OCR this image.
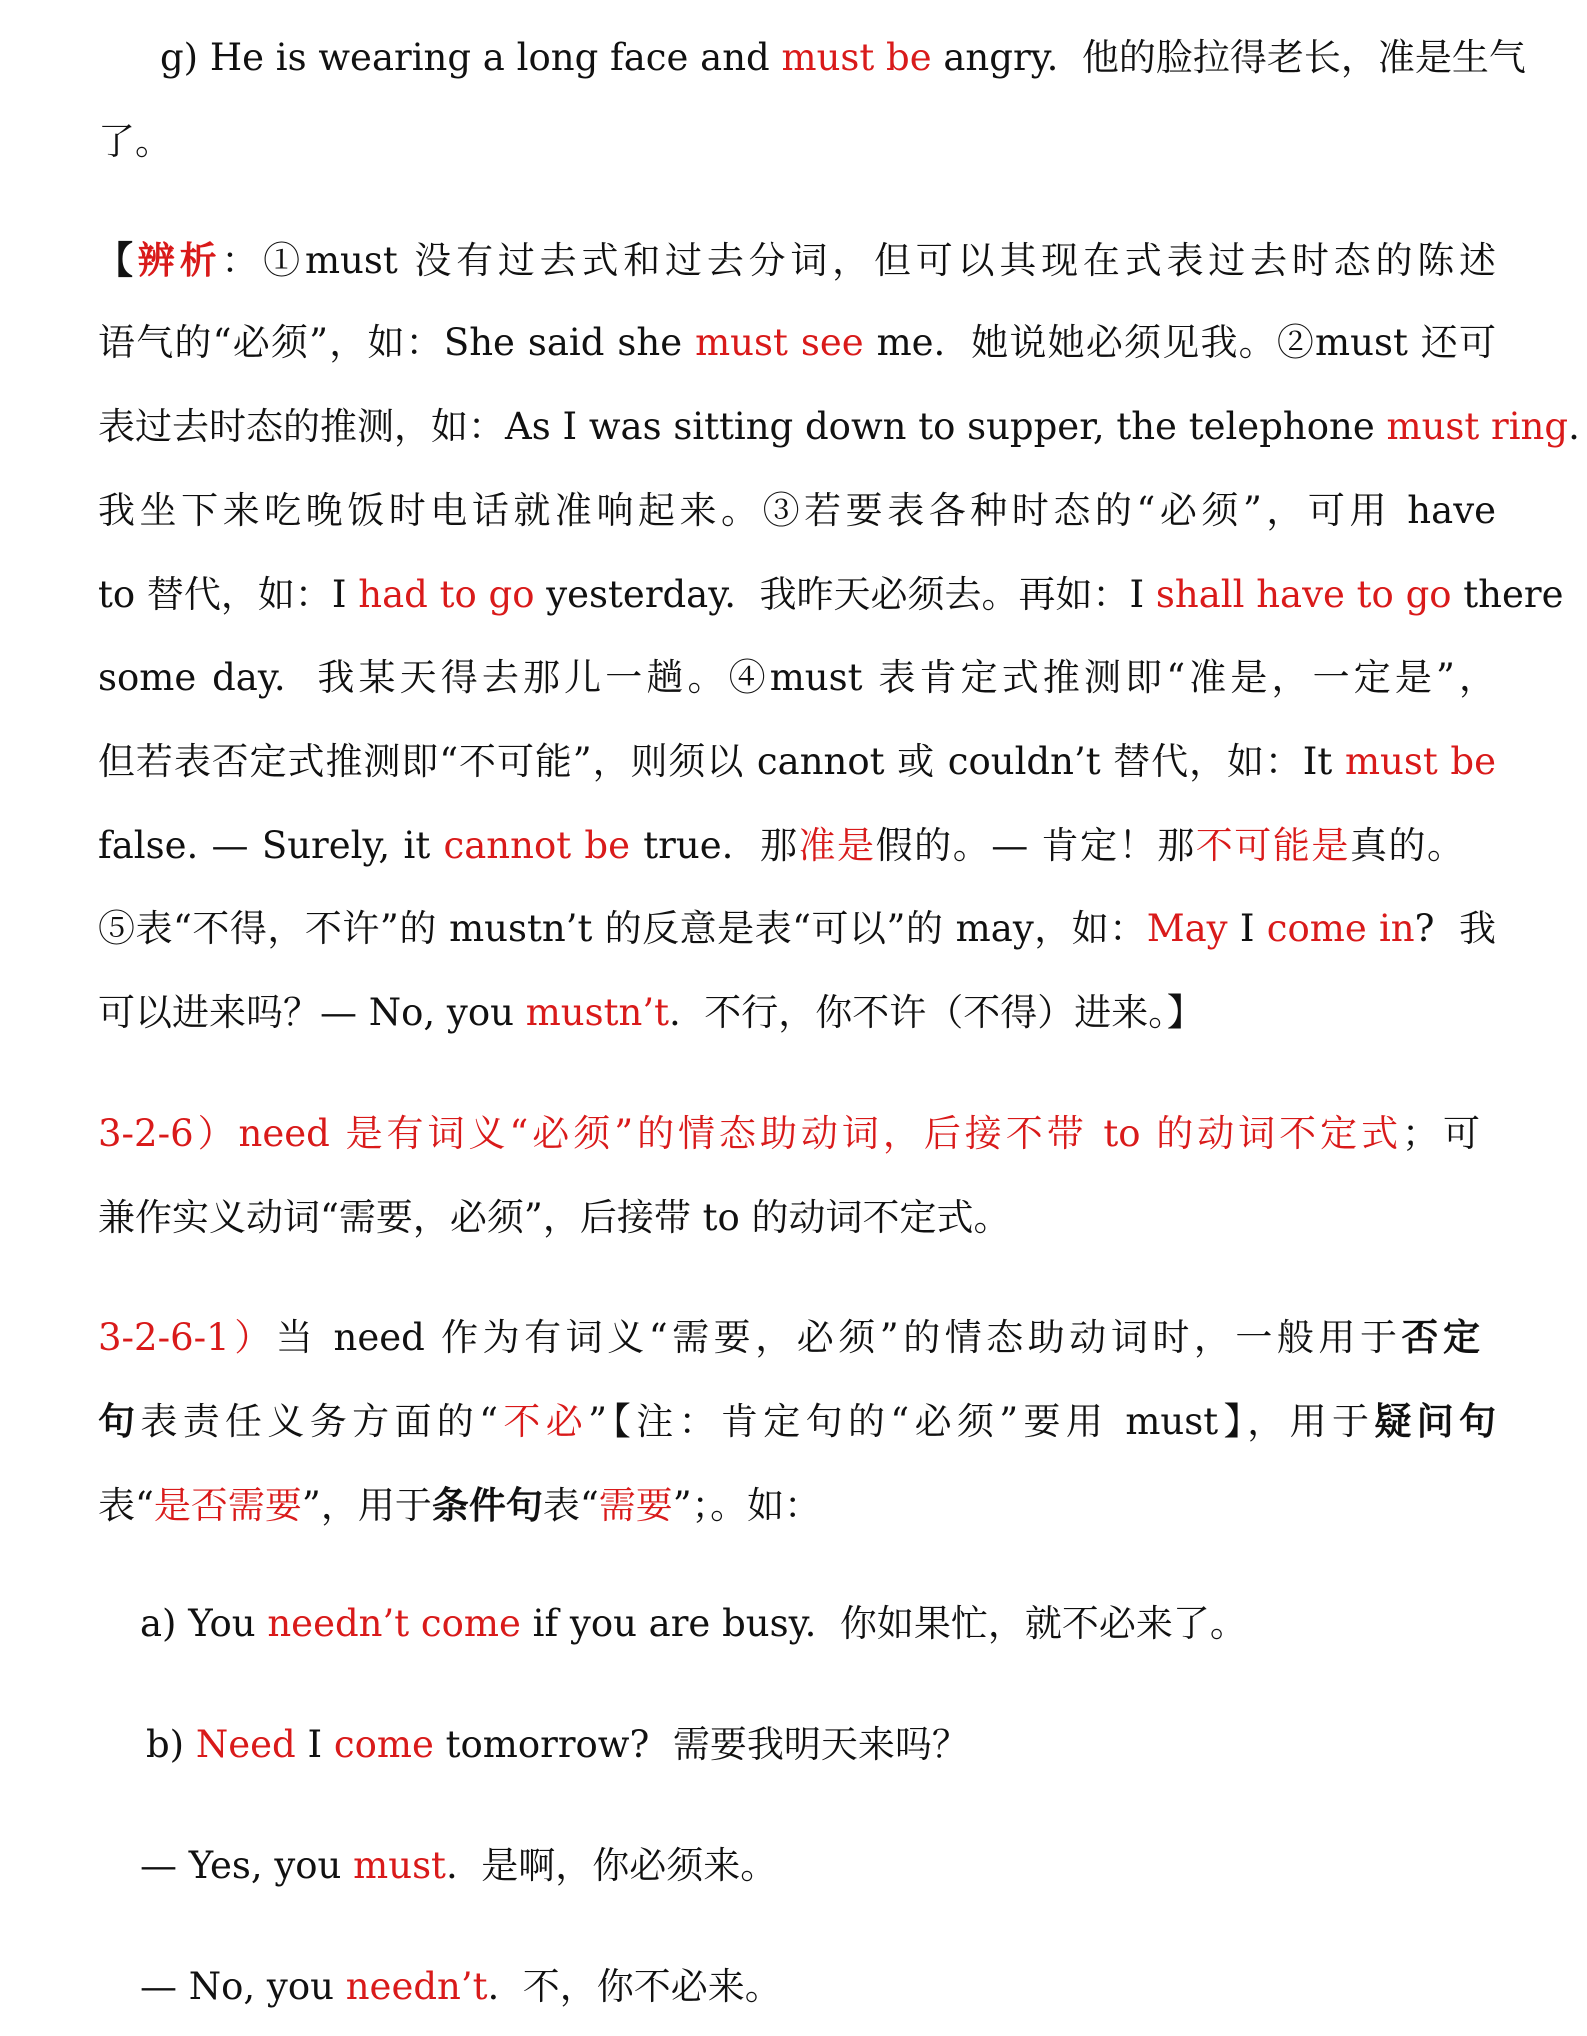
g) He is wearing a long face and must be angry.  他的脸拉得老长，准是生气
了。
【辨析：①must 没有过去式和过去分词，但可以其现在式表过去时态的陈述
语气的“必须”，如：She said she must see me.  她说她必须见我。②must 还可
表过去时态的推测，如：As I was sitting down to supper, the telephone must ring.
我坐下来吃晚饭时电话就准响起来。③若要表各种时态的“必须”，可用 have
to 替代，如：I had to go yesterday.  我昨天必须去。再如：I shall have to go there
some day.  我某天得去那儿一趟。④must 表肯定式推测即“准是，一定是”，
但若表否定式推测即“不可能”，则须以 cannot 或 couldn’t 替代，如：It must be
false. — Surely, it cannot be true.  那准是假的。— 肯定！那不可能是真的。
⑤表“不得，不许”的 mustn’t 的反意是表“可以”的 may，如：May I come in?  我
可以进来吗？— No, you mustn’t.  不行，你不许（不得）进来。】
3-2-6）need 是有词义“必须”的情态助动词，后接不带 to 的动词不定式；可
兼作实义动词“需要，必须”，后接带 to 的动词不定式。
3-2-6-1）当 need 作为有词义“需要，必须”的情态助动词时，一般用于否定
句表责任义务方面的“不必”【注：肯定句的“必须”要用 must】，用于疑问句
表“是否需要”，用于条件句表“需要”；。如：
a) You needn’t come if you are busy.  你如果忙，就不必来了。
b) Need I come tomorrow?  需要我明天来吗？
— Yes, you must.  是啊，你必须来。
— No, you needn’t.  不，你不必来。
